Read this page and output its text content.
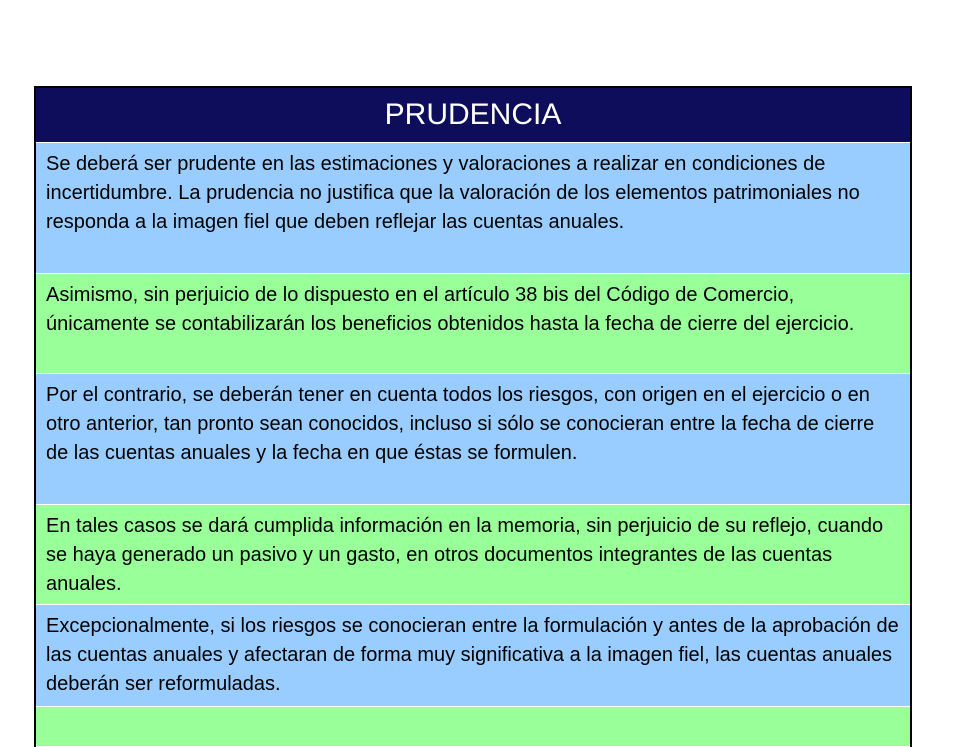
PRUDENCIA
Se deberá ser prudente en las estimaciones y valoraciones a realizar en condiciones de incertidumbre. La prudencia no justifica que la valoración de los elementos patrimoniales no responda a la imagen fiel que deben reflejar las cuentas anuales.
Asimismo, sin perjuicio de lo dispuesto en el artículo 38 bis del Código de Comercio, únicamente se contabilizarán los beneficios obtenidos hasta la fecha de cierre del ejercicio.
Por el contrario, se deberán tener en cuenta todos los riesgos, con origen en el ejercicio o en otro anterior, tan pronto sean conocidos, incluso si sólo se conocieran entre la fecha de cierre de las cuentas anuales y la fecha en que éstas se formulen.
En tales casos se dará cumplida información en la memoria, sin perjuicio de su reflejo, cuando se haya generado un pasivo y un gasto, en otros documentos integrantes de las cuentas anuales.
Excepcionalmente, si los riesgos se conocieran entre la formulación y antes de la aprobación de las cuentas anuales y afectaran de forma muy significativa a la imagen fiel, las cuentas anuales deberán ser reformuladas.
